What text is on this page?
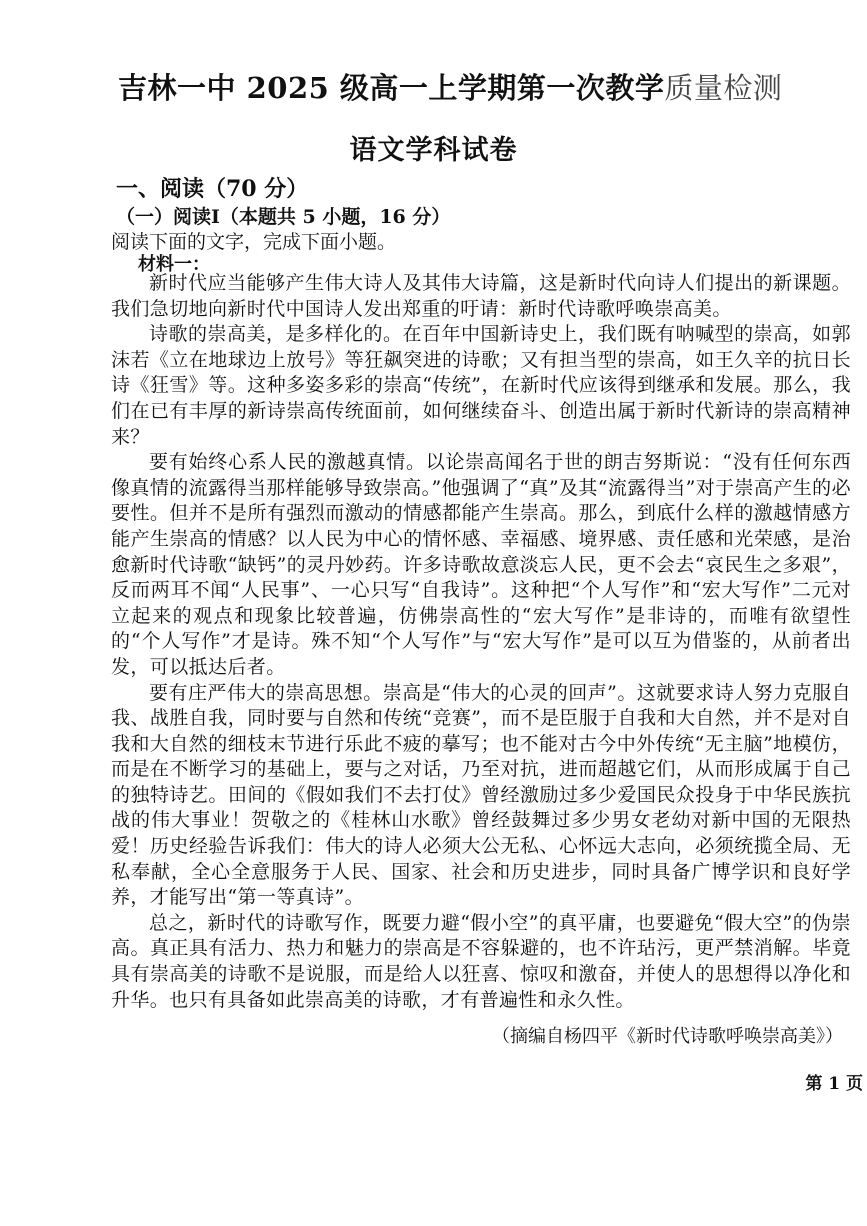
吉林一中 2025 级高一上学期第一次教学质量检测
语文学科试卷
一、阅读（70 分）
（一）阅读Ⅰ（本题共 5 小题，16 分）
阅读下面的文字，完成下面小题。
材料一：

新时代应当能够产生伟大诗人及其伟大诗篇，这是新时代向诗人们提出的新课题。我们急切地向新时代中国诗人发出郑重的吁请：新时代诗歌呼唤崇高美。

诗歌的崇高美，是多样化的。在百年中国新诗史上，我们既有呐喊型的崇高，如郭沫若《立在地球边上放号》等狂飙突进的诗歌；又有担当型的崇高，如王久辛的抗日长诗《狂雪》等。这种多姿多彩的崇高“传统”，在新时代应该得到继承和发展。那么，我们在已有丰厚的新诗崇高传统面前，如何继续奋斗、创造出属于新时代新诗的崇高精神来？

要有始终心系人民的激越真情。以论崇高闻名于世的朗吉努斯说：“没有任何东西像真情的流露得当那样能够导致崇高。”他强调了“真”及其“流露得当”对于崇高产生的必要性。但并不是所有强烈而激动的情感都能产生崇高。那么，到底什么样的激越情感方能产生崇高的情感？以人民为中心的情怀感、幸福感、境界感、责任感和光荣感，是治愈新时代诗歌“缺钙”的灵丹妙药。许多诗歌故意淡忘人民，更不会去“哀民生之多艰”，反而两耳不闻“人民事”、一心只写“自我诗”。这种把“个人写作”和“宏大写作”二元对立起来的观点和现象比较普遍，仿佛崇高性的“宏大写作”是非诗的，而唯有欲望性的“个人写作”才是诗。殊不知“个人写作”与“宏大写作”是可以互为借鉴的，从前者出发，可以抵达后者。

要有庄严伟大的崇高思想。崇高是“伟大的心灵的回声”。这就要求诗人努力克服自我、战胜自我，同时要与自然和传统“竞赛”，而不是臣服于自我和大自然，并不是对自我和大自然的细枝末节进行乐此不疲的摹写；也不能对古今中外传统“无主脑”地模仿，而是在不断学习的基础上，要与之对话，乃至对抗，进而超越它们，从而形成属于自己的独特诗艺。田间的《假如我们不去打仗》曾经激励过多少爱国民众投身于中华民族抗战的伟大事业！贺敬之的《桂林山水歌》曾经鼓舞过多少男女老幼对新中国的无限热爱！历史经验告诉我们：伟大的诗人必须大公无私、心怀远大志向，必须统揽全局、无私奉献，全心全意服务于人民、国家、社会和历史进步，同时具备广博学识和良好学养，才能写出“第一等真诗”。

总之，新时代的诗歌写作，既要力避“假小空”的真平庸，也要避免“假大空”的伪崇高。真正具有活力、热力和魅力的崇高是不容躲避的，也不许玷污，更严禁消解。毕竟具有崇高美的诗歌不是说服，而是给人以狂喜、惊叹和激奋，并使人的思想得以净化和升华。也只有具备如此崇高美的诗歌，才有普遍性和永久性。

（摘编自杨四平《新时代诗歌呼唤崇高美》）
第 1 页
